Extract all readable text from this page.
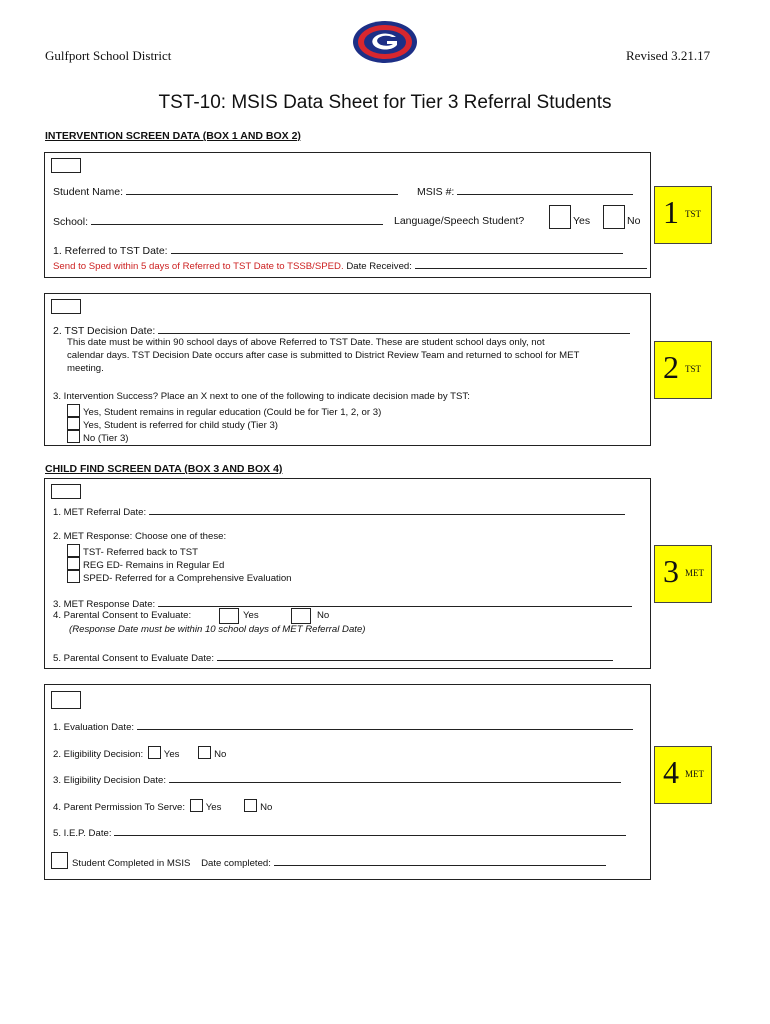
Gulfport School District	Revised 3.21.17
TST-10: MSIS Data Sheet for Tier 3 Referral Students
INTERVENTION SCREEN DATA (BOX 1 AND BOX 2)
Student Name:	MSIS #:
School:	Language/Speech Student?	Yes	No
1. Referred to TST Date:
Send to Sped within 5 days of Referred to TST Date to TSSB/SPED. Date Received:
1 TST
2. TST Decision Date:
This date must be within 90 school days of above Referred to TST Date. These are student school days only, not
calendar days. TST Decision Date occurs after case is submitted to District Review Team and returned to school for MET
meeting.
3. Intervention Success? Place an X next to one of the following to indicate decision made by TST:
Yes, Student remains in regular education (Could be for Tier 1, 2, or 3)
Yes, Student is referred for child study (Tier 3)
No (Tier 3)
2 TST
CHILD FIND SCREEN DATA (BOX 3 AND BOX 4)
1. MET Referral Date:
2. MET Response: Choose one of these:
TST- Referred back to TST
REG ED- Remains in Regular Ed
SPED- Referred for a Comprehensive Evaluation
3. MET Response Date:
4. Parental Consent to Evaluate:	Yes	No
(Response Date must be within 10 school days of MET Referral Date)
5. Parental Consent to Evaluate Date:
3 MET
1. Evaluation Date:
2. Eligibility Decision: Yes	No
3. Eligibility Decision Date:
4. Parent Permission To Serve: Yes	No
5. I.E.P. Date:
Student Completed in MSIS Date completed:
4 MET
